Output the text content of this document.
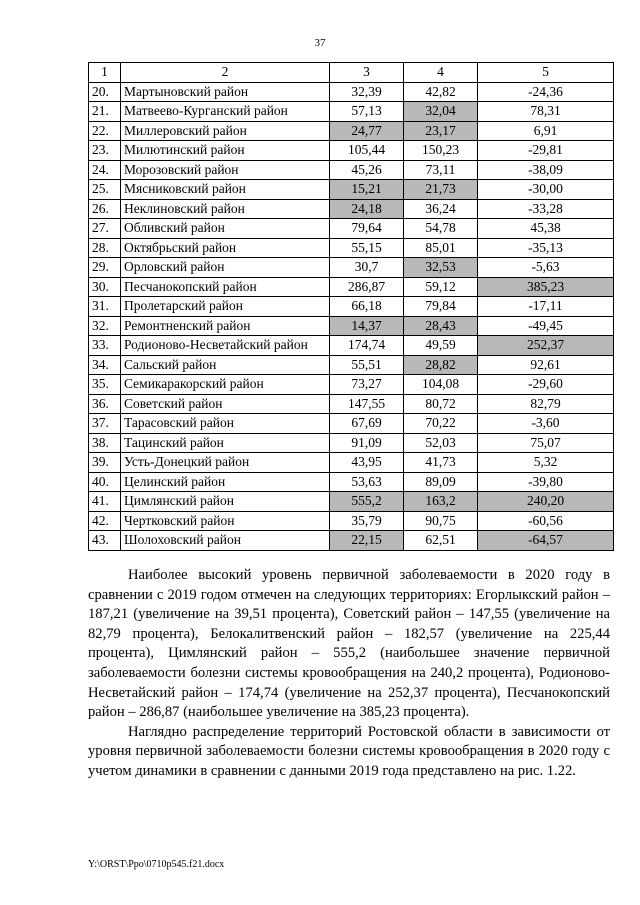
37
1	2	3	4	5
20.	Мартыновский район	32,39	42,82	-24,36
21.	Матвеево-Курганский район	57,13	32,04	78,31
22.	Миллеровский район	24,77	23,17	6,91
23.	Милютинский район	105,44	150,23	-29,81
24.	Морозовский район	45,26	73,11	-38,09
25.	Мясниковский район	15,21	21,73	-30,00
26.	Неклиновский район	24,18	36,24	-33,28
27.	Обливский район	79,64	54,78	45,38
28.	Октябрьский район	55,15	85,01	-35,13
29.	Орловский район	30,7	32,53	-5,63
30.	Песчанокопский район	286,87	59,12	385,23
31.	Пролетарский район	66,18	79,84	-17,11
32.	Ремонтненский район	14,37	28,43	-49,45
33.	Родионово-Несветайский район	174,74	49,59	252,37
34.	Сальский район	55,51	28,82	92,61
35.	Семикаракорский район	73,27	104,08	-29,60
36.	Советский район	147,55	80,72	82,79
37.	Тарасовский район	67,69	70,22	-3,60
38.	Тацинский район	91,09	52,03	75,07
39.	Усть-Донецкий район	43,95	41,73	5,32
40.	Целинский район	53,63	89,09	-39,80
41.	Цимлянский район	555,2	163,2	240,20
42.	Чертковский район	35,79	90,75	-60,56
43.	Шолоховский район	22,15	62,51	-64,57

Наиболее высокий уровень первичной заболеваемости в 2020 году в сравнении с 2019 годом отмечен на следующих территориях: Егорлыкский район – 187,21 (увеличение на 39,51 процента), Советский район – 147,55 (увеличение на 82,79 процента), Белокалитвенский район – 182,57 (увеличение на 225,44 процента), Цимлянский район – 555,2 (наибольшее значение первичной заболеваемости болезни системы кровообращения на 240,2 процента), Родионово-Несветайский район – 174,74 (увеличение на 252,37 процента), Песчанокопский район – 286,87 (наибольшее увеличение на 385,23 процента).

Наглядно распределение территорий Ростовской области в зависимости от уровня первичной заболеваемости болезни системы кровообращения в 2020 году с учетом динамики в сравнении с данными 2019 года представлено на рис. 1.22.

Y:\ORST\Ppo\0710p545.f21.docx
